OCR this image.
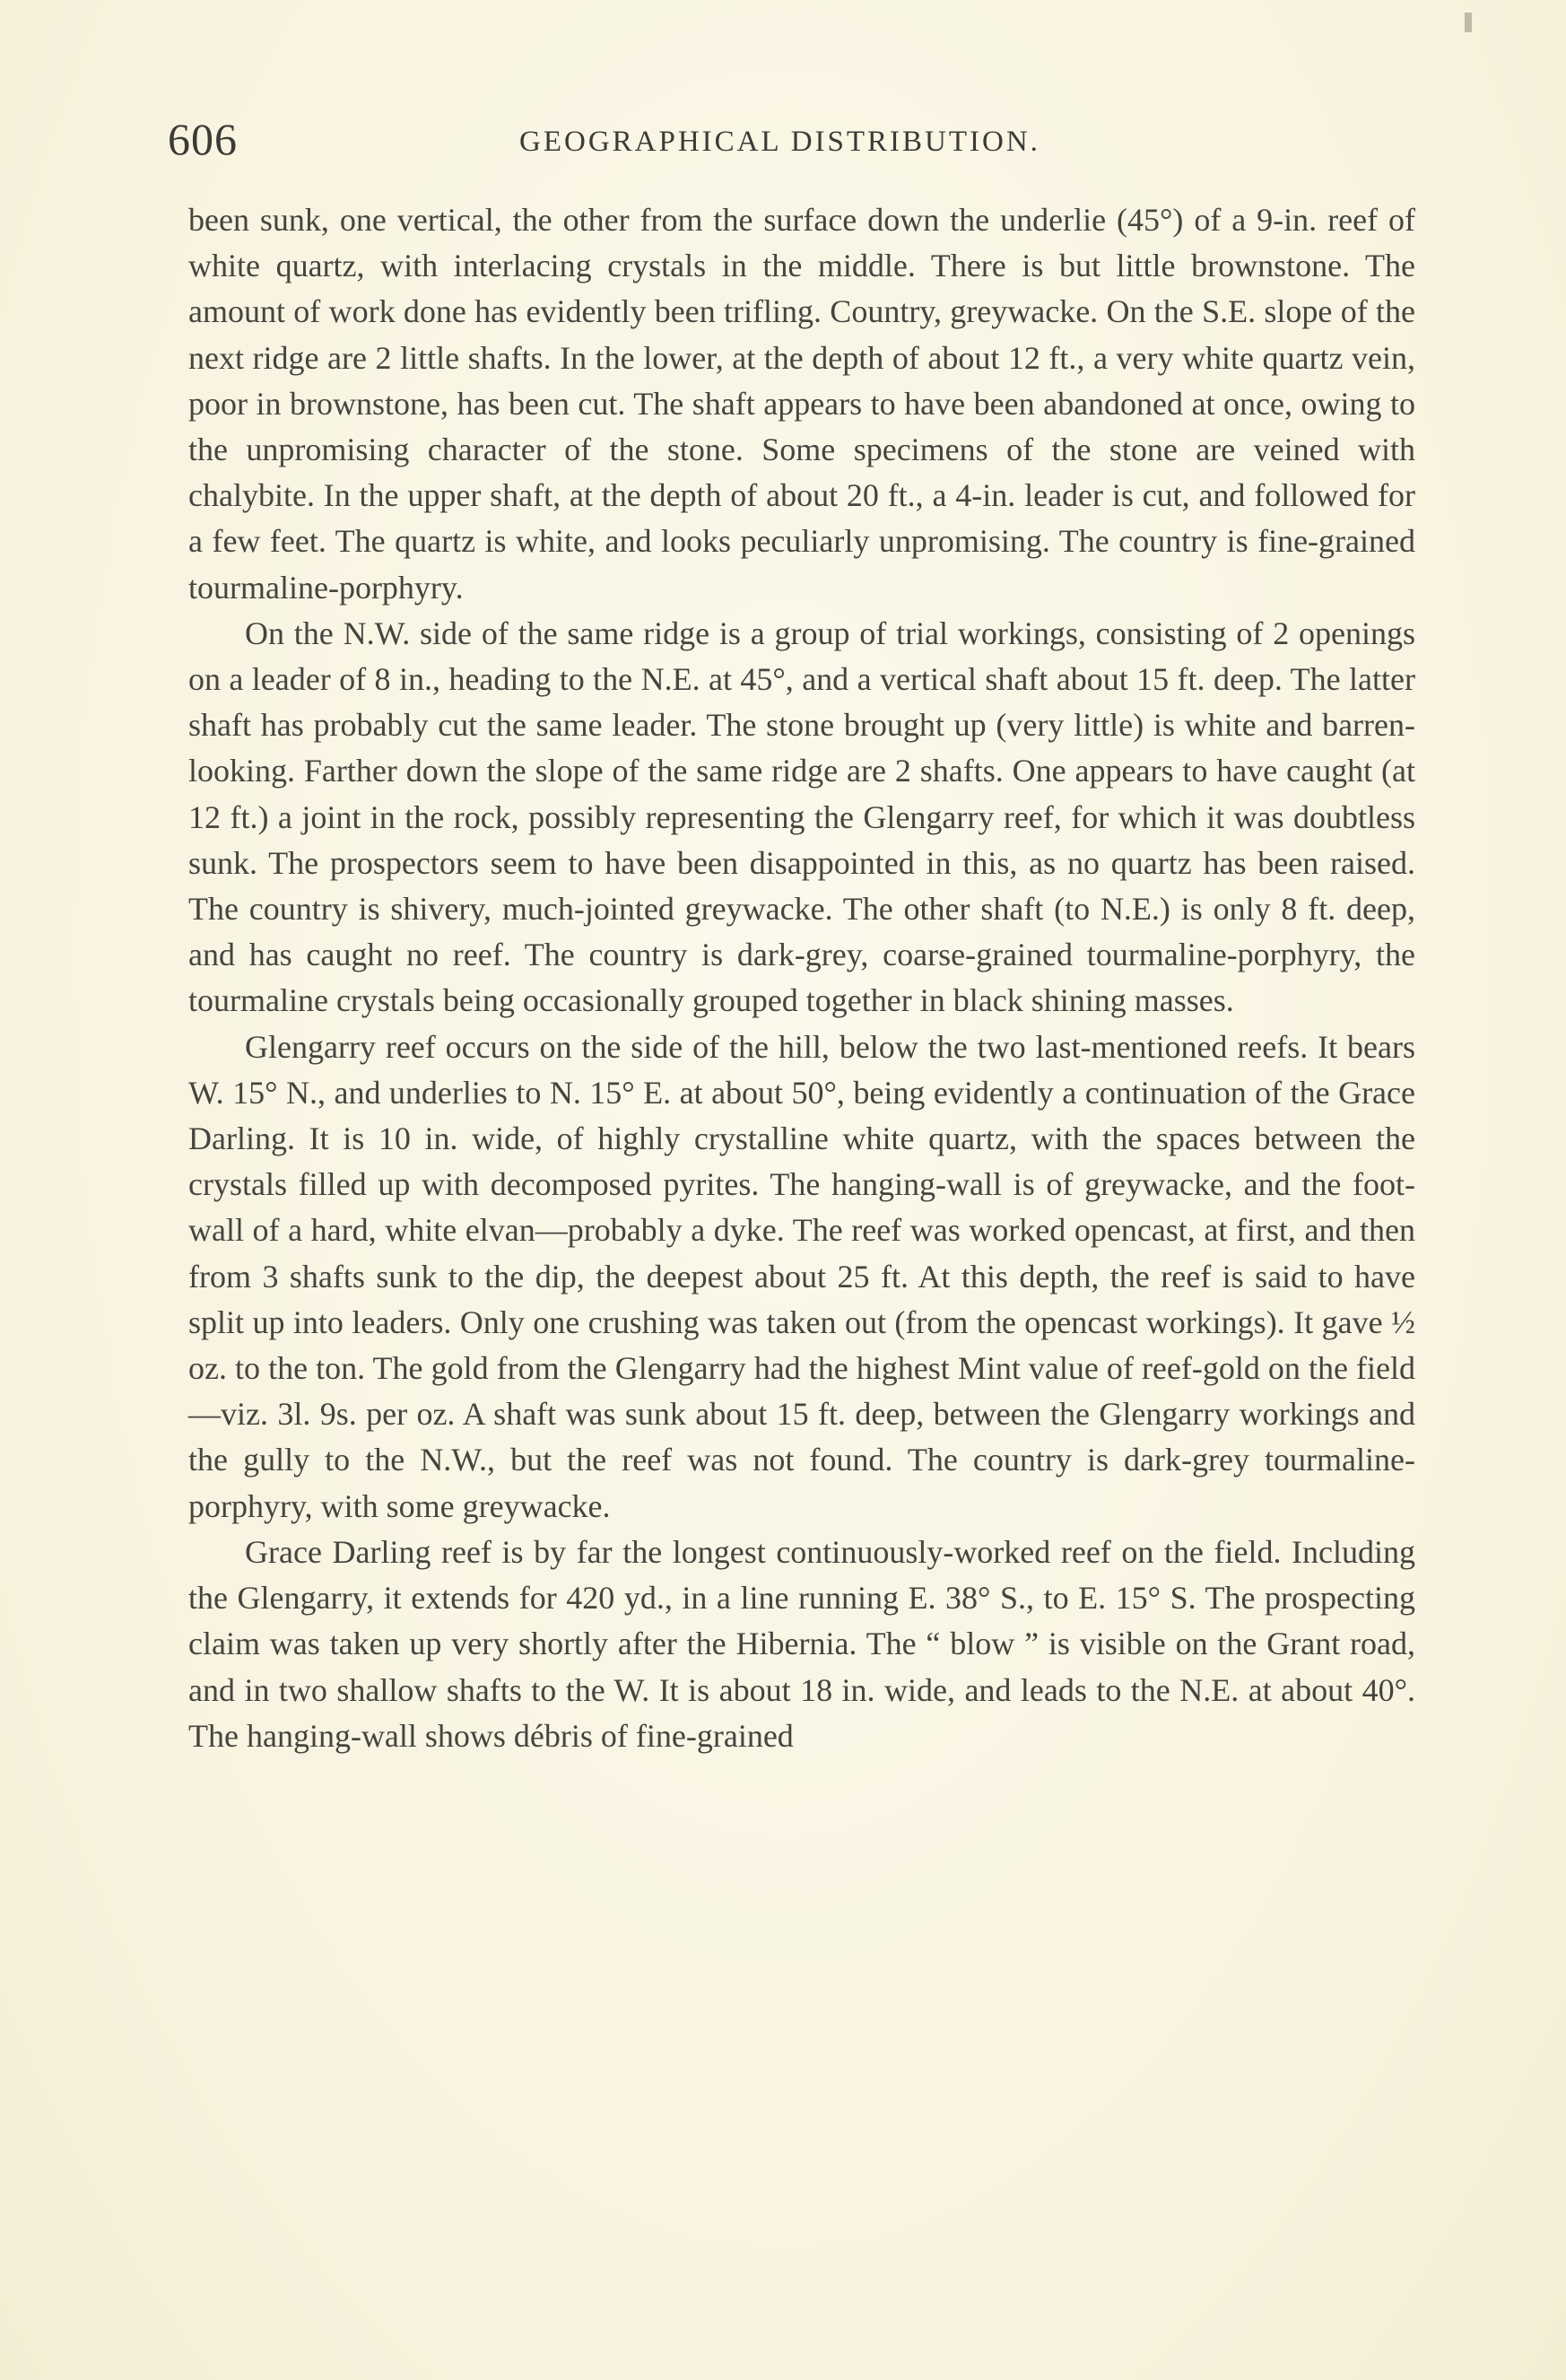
606	GEOGRAPHICAL DISTRIBUTION.

been sunk, one vertical, the other from the surface down the underlie (45°) of a 9-in. reef of white quartz, with interlacing crystals in the middle. There is but little brownstone. The amount of work done has evidently been trifling. Country, greywacke. On the S.E. slope of the next ridge are 2 little shafts. In the lower, at the depth of about 12 ft., a very white quartz vein, poor in brownstone, has been cut. The shaft appears to have been abandoned at once, owing to the unpromising character of the stone. Some specimens of the stone are veined with chalybite. In the upper shaft, at the depth of about 20 ft., a 4-in. leader is cut, and followed for a few feet. The quartz is white, and looks peculiarly unpromising. The country is fine-grained tourmaline-porphyry.

On the N.W. side of the same ridge is a group of trial workings, consisting of 2 openings on a leader of 8 in., heading to the N.E. at 45°, and a vertical shaft about 15 ft. deep. The latter shaft has probably cut the same leader. The stone brought up (very little) is white and barren-looking. Farther down the slope of the same ridge are 2 shafts. One appears to have caught (at 12 ft.) a joint in the rock, possibly representing the Glengarry reef, for which it was doubtless sunk. The prospectors seem to have been disappointed in this, as no quartz has been raised. The country is shivery, much-jointed greywacke. The other shaft (to N.E.) is only 8 ft. deep, and has caught no reef. The country is dark-grey, coarse-grained tourmaline-porphyry, the tourmaline crystals being occasionally grouped together in black shining masses.

Glengarry reef occurs on the side of the hill, below the two last-mentioned reefs. It bears W. 15° N., and underlies to N. 15° E. at about 50°, being evidently a continuation of the Grace Darling. It is 10 in. wide, of highly crystalline white quartz, with the spaces between the crystals filled up with decomposed pyrites. The hanging-wall is of greywacke, and the foot-wall of a hard, white elvan—probably a dyke. The reef was worked opencast, at first, and then from 3 shafts sunk to the dip, the deepest about 25 ft. At this depth, the reef is said to have split up into leaders. Only one crushing was taken out (from the opencast workings). It gave ½ oz. to the ton. The gold from the Glengarry had the highest Mint value of reef-gold on the field—viz. 3l. 9s. per oz. A shaft was sunk about 15 ft. deep, between the Glengarry workings and the gully to the N.W., but the reef was not found. The country is dark-grey tourmaline-porphyry, with some greywacke.

Grace Darling reef is by far the longest continuously-worked reef on the field. Including the Glengarry, it extends for 420 yd., in a line running E. 38° S., to E. 15° S. The prospecting claim was taken up very shortly after the Hibernia. The “ blow ” is visible on the Grant road, and in two shallow shafts to the W. It is about 18 in. wide, and leads to the N.E. at about 40°. The hanging-wall shows débris of fine-grained
